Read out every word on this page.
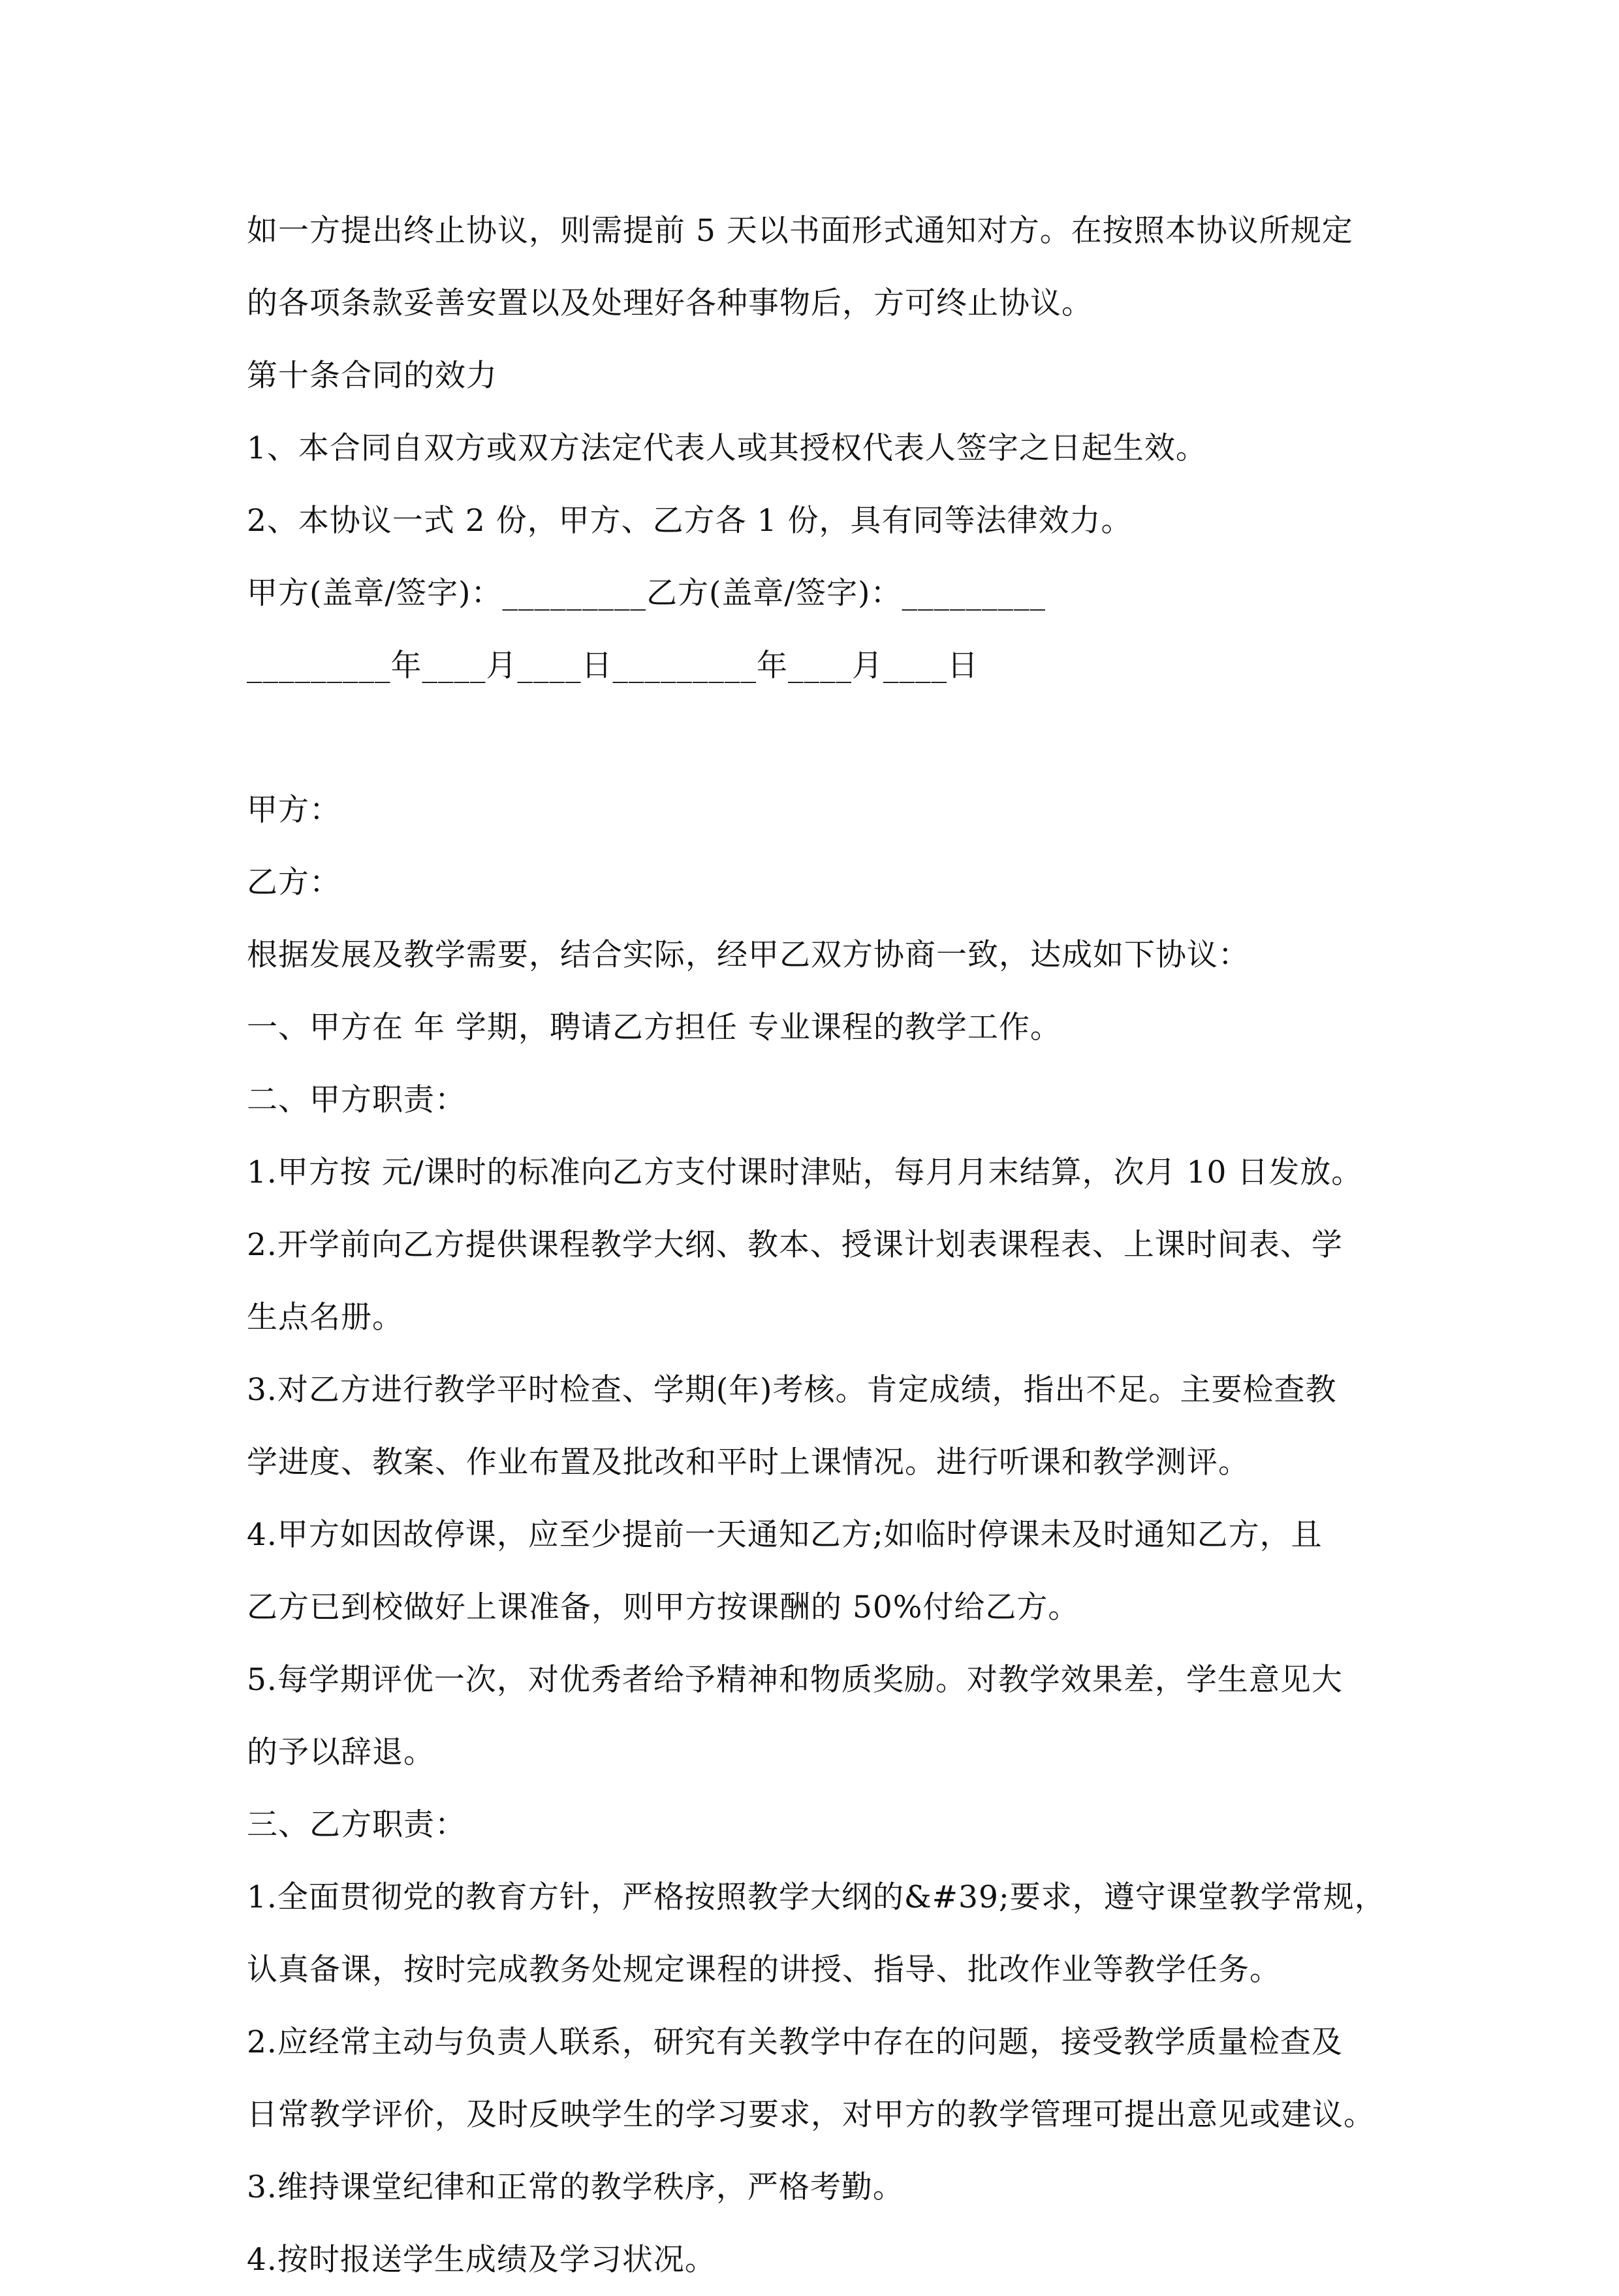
如一方提出终止协议，则需提前 5 天以书面形式通知对方。在按照本协议所规定
的各项条款妥善安置以及处理好各种事物后，方可终止协议。
第十条合同的效力
1、本合同自双方或双方法定代表人或其授权代表人签字之日起生效。
2、本协议一式 2 份，甲方、乙方各 1 份，具有同等法律效力。
甲方(盖章/签字)：_________乙方(盖章/签字)：_________
_________年____月____日_________年____月____日
甲方：
乙方：
根据发展及教学需要，结合实际，经甲乙双方协商一致，达成如下协议：
一、甲方在 年 学期，聘请乙方担任 专业课程的教学工作。
二、甲方职责：
1.甲方按 元/课时的标准向乙方支付课时津贴，每月月末结算，次月 10 日发放。
2.开学前向乙方提供课程教学大纲、教本、授课计划表课程表、上课时间表、学
生点名册。
3.对乙方进行教学平时检查、学期(年)考核。肯定成绩，指出不足。主要检查教
学进度、教案、作业布置及批改和平时上课情况。进行听课和教学测评。
4.甲方如因故停课，应至少提前一天通知乙方;如临时停课未及时通知乙方，且
乙方已到校做好上课准备，则甲方按课酬的 50%付给乙方。
5.每学期评优一次，对优秀者给予精神和物质奖励。对教学效果差，学生意见大
的予以辞退。
三、乙方职责：
1.全面贯彻党的教育方针，严格按照教学大纲的&#39;要求，遵守课堂教学常规，
认真备课，按时完成教务处规定课程的讲授、指导、批改作业等教学任务。
2.应经常主动与负责人联系，研究有关教学中存在的问题，接受教学质量检查及
日常教学评价，及时反映学生的学习要求，对甲方的教学管理可提出意见或建议。
3.维持课堂纪律和正常的教学秩序，严格考勤。
4.按时报送学生成绩及学习状况。
